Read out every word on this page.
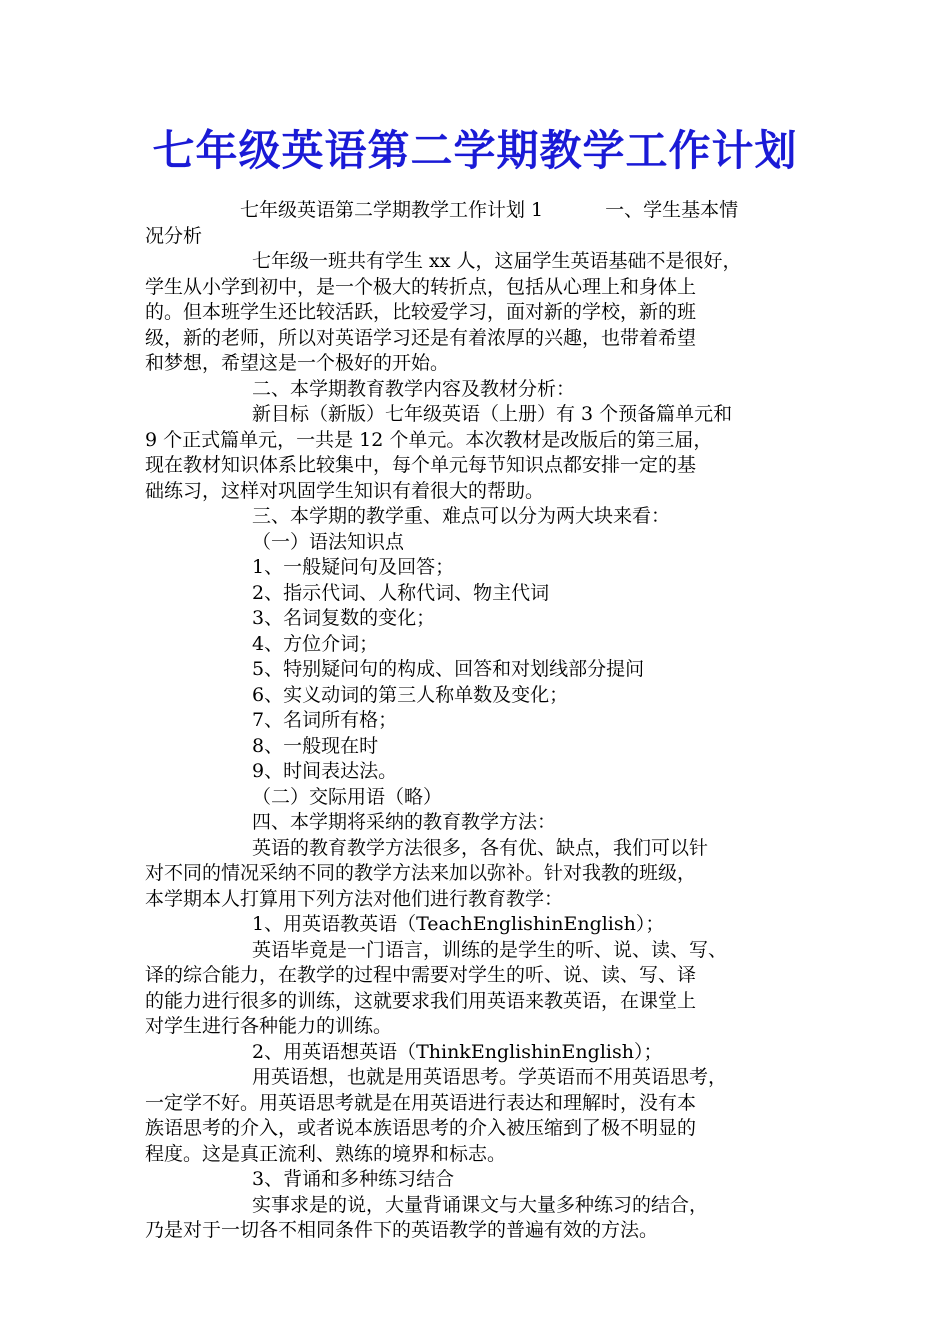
七年级英语第二学期教学工作计划

七年级英语第二学期教学工作计划 1	一、学生基本情

况分析

七年级一班共有学生 xx 人，这届学生英语基础不是很好，

学生从小学到初中，是一个极大的转折点，包括从心理上和身体上

的。但本班学生还比较活跃，比较爱学习，面对新的学校，新的班

级，新的老师，所以对英语学习还是有着浓厚的兴趣，也带着希望

和梦想，希望这是一个极好的开始。

二、本学期教育教学内容及教材分析：

新目标（新版）七年级英语（上册）有 3 个预备篇单元和

9 个正式篇单元，一共是 12 个单元。本次教材是改版后的第三届，

现在教材知识体系比较集中，每个单元每节知识点都安排一定的基

础练习，这样对巩固学生知识有着很大的帮助。

三、本学期的教学重、难点可以分为两大块来看：

（一）语法知识点

1、一般疑问句及回答；

2、指示代词、人称代词、物主代词

3、名词复数的变化；

4、方位介词；

5、特别疑问句的构成、回答和对划线部分提问

6、实义动词的第三人称单数及变化；

7、名词所有格；

8、一般现在时

9、时间表达法。

（二）交际用语（略）

四、本学期将采纳的教育教学方法：

英语的教育教学方法很多，各有优、缺点，我们可以针

对不同的情况采纳不同的教学方法来加以弥补。针对我教的班级，

本学期本人打算用下列方法对他们进行教育教学：

1、用英语教英语（TeachEnglishinEnglish）；

英语毕竟是一门语言，训练的是学生的听、说、读、写、

译的综合能力，在教学的过程中需要对学生的听、说、读、写、译

的能力进行很多的训练，这就要求我们用英语来教英语，在课堂上

对学生进行各种能力的训练。

2、用英语想英语（ThinkEnglishinEnglish）；

用英语想，也就是用英语思考。学英语而不用英语思考，

一定学不好。用英语思考就是在用英语进行表达和理解时，没有本

族语思考的介入，或者说本族语思考的介入被压缩到了极不明显的

程度。这是真正流利、熟练的境界和标志。

3、背诵和多种练习结合

实事求是的说，大量背诵课文与大量多种练习的结合，

乃是对于一切各不相同条件下的英语教学的普遍有效的方法。
